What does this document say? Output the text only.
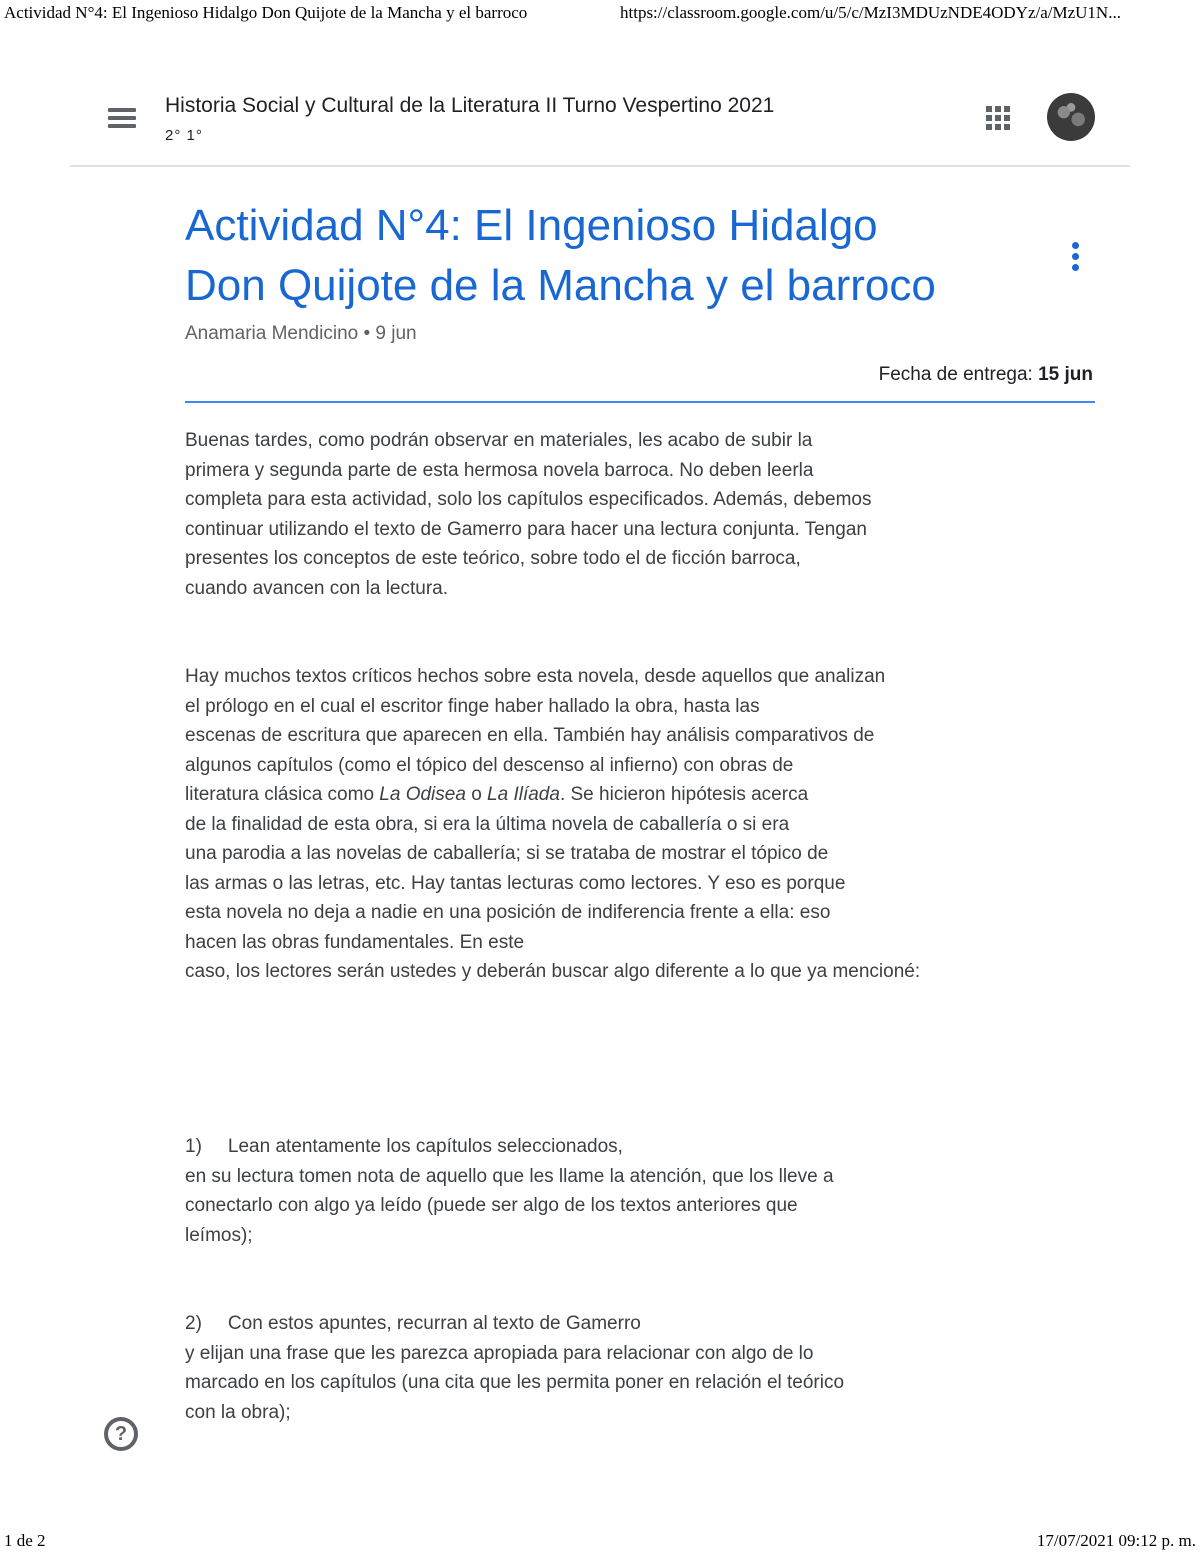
Actividad N°4: El Ingenioso Hidalgo Don Quijote de la Mancha y el barroco	https://classroom.google.com/u/5/c/MzI3MDUzNDE4ODYz/a/MzU1N...
Historia Social y Cultural de la Literatura II Turno Vespertino 2021
2° 1°
Actividad N°4: El Ingenioso Hidalgo
Don Quijote de la Mancha y el barroco
Anamaria Mendicino • 9 jun
Fecha de entrega: 15 jun
Buenas tardes, como podrán observar en materiales, les acabo de subir la
primera y segunda parte de esta hermosa novela barroca. No deben leerla
completa para esta actividad, solo los capítulos especificados. Además, debemos
continuar utilizando el texto de Gamerro para hacer una lectura conjunta. Tengan
presentes los conceptos de este teórico, sobre todo el de ficción barroca,
cuando avancen con la lectura.
Hay muchos textos críticos hechos sobre esta novela, desde aquellos que analizan
el prólogo en el cual el escritor finge haber hallado la obra, hasta las
escenas de escritura que aparecen en ella. También hay análisis comparativos de
algunos capítulos (como el tópico del descenso al infierno) con obras de
literatura clásica como La Odisea o La Ilíada. Se hicieron hipótesis acerca
de la finalidad de esta obra, si era la última novela de caballería o si era
una parodia a las novelas de caballería; si se trataba de mostrar el tópico de
las armas o las letras, etc. Hay tantas lecturas como lectores. Y eso es porque
esta novela no deja a nadie en una posición de indiferencia frente a ella: eso
hacen las obras fundamentales. En este
caso, los lectores serán ustedes y deberán buscar algo diferente a lo que ya mencioné:
1) Lean atentamente los capítulos seleccionados,
en su lectura tomen nota de aquello que les llame la atención, que los lleve a
conectarlo con algo ya leído (puede ser algo de los textos anteriores que
leímos);
2) Con estos apuntes, recurran al texto de Gamerro
y elijan una frase que les parezca apropiada para relacionar con algo de lo
marcado en los capítulos (una cita que les permita poner en relación el teórico
con la obra);
?
1 de 2	17/07/2021 09:12 p. m.
